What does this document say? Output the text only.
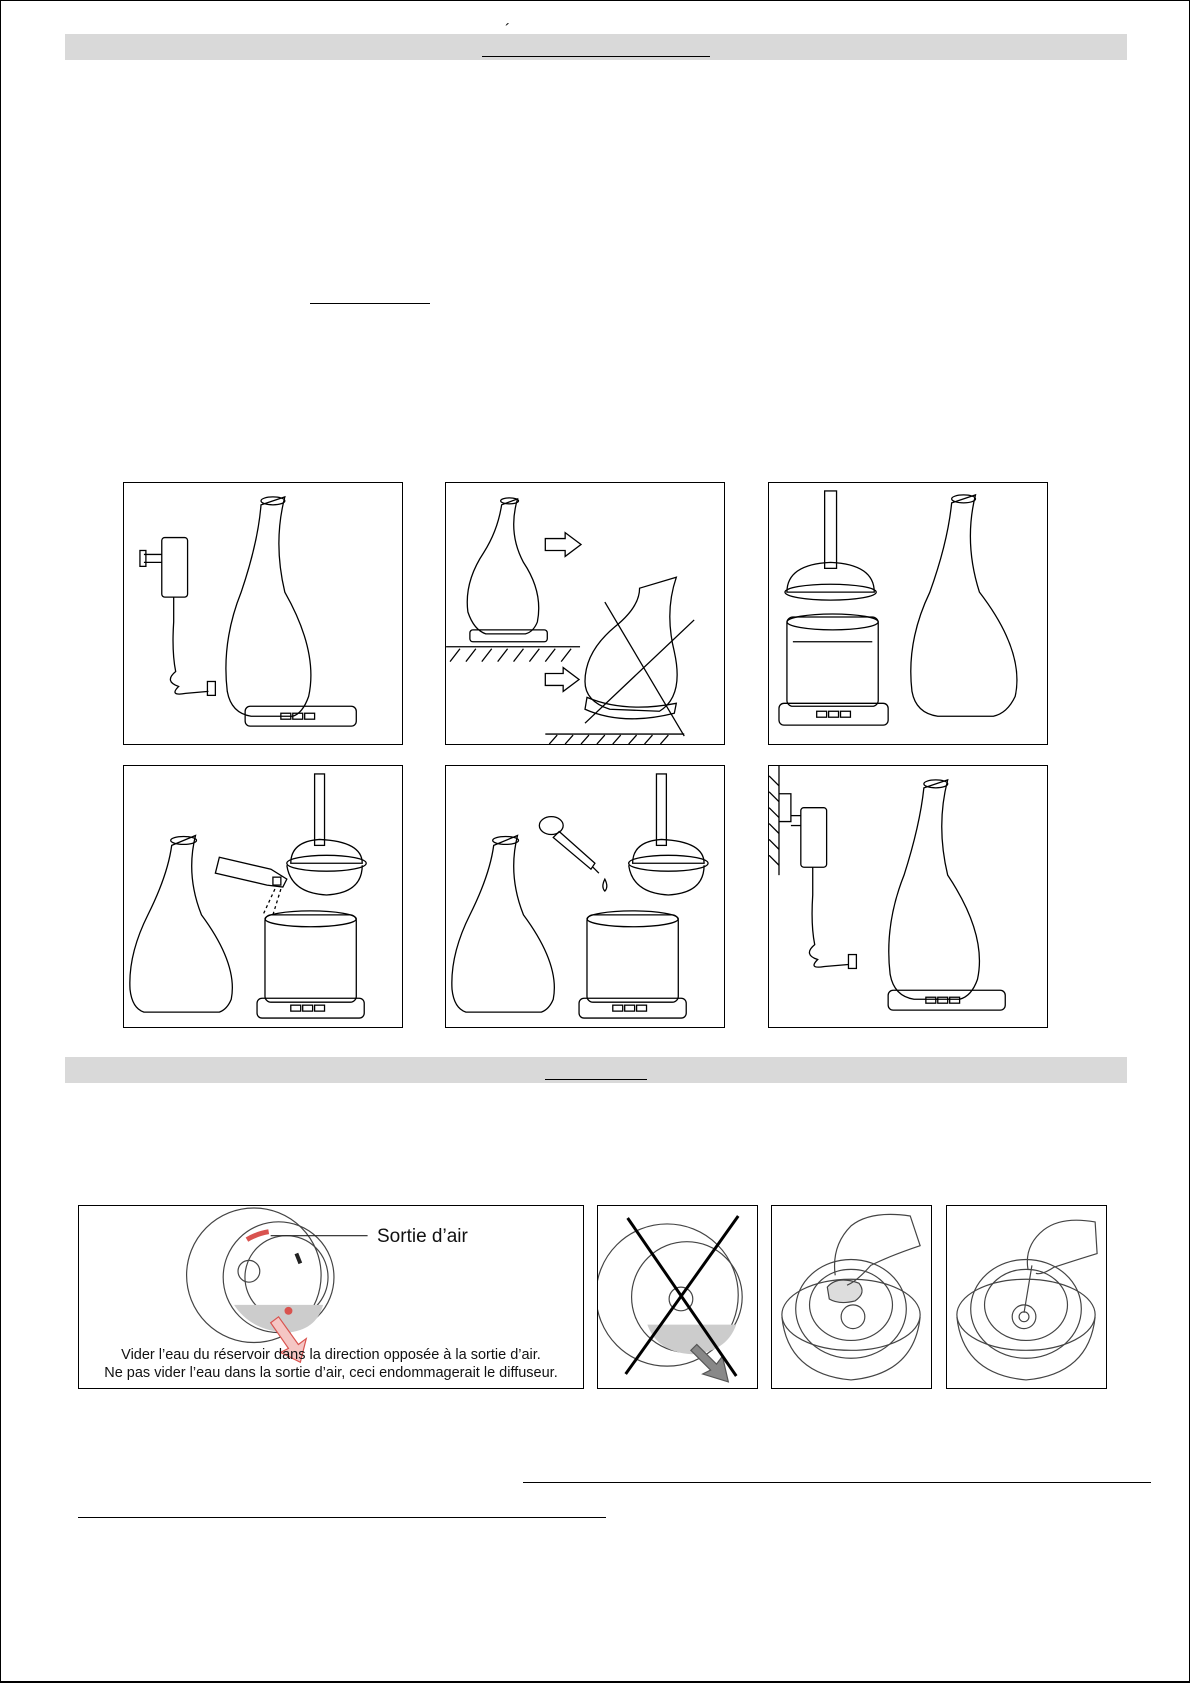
´
Sortie d’air
Vider l’eau du réservoir dans la direction opposée à la sortie d’air.
Ne pas vider l’eau dans la sortie d’air, ceci endommagerait le diffuseur.
